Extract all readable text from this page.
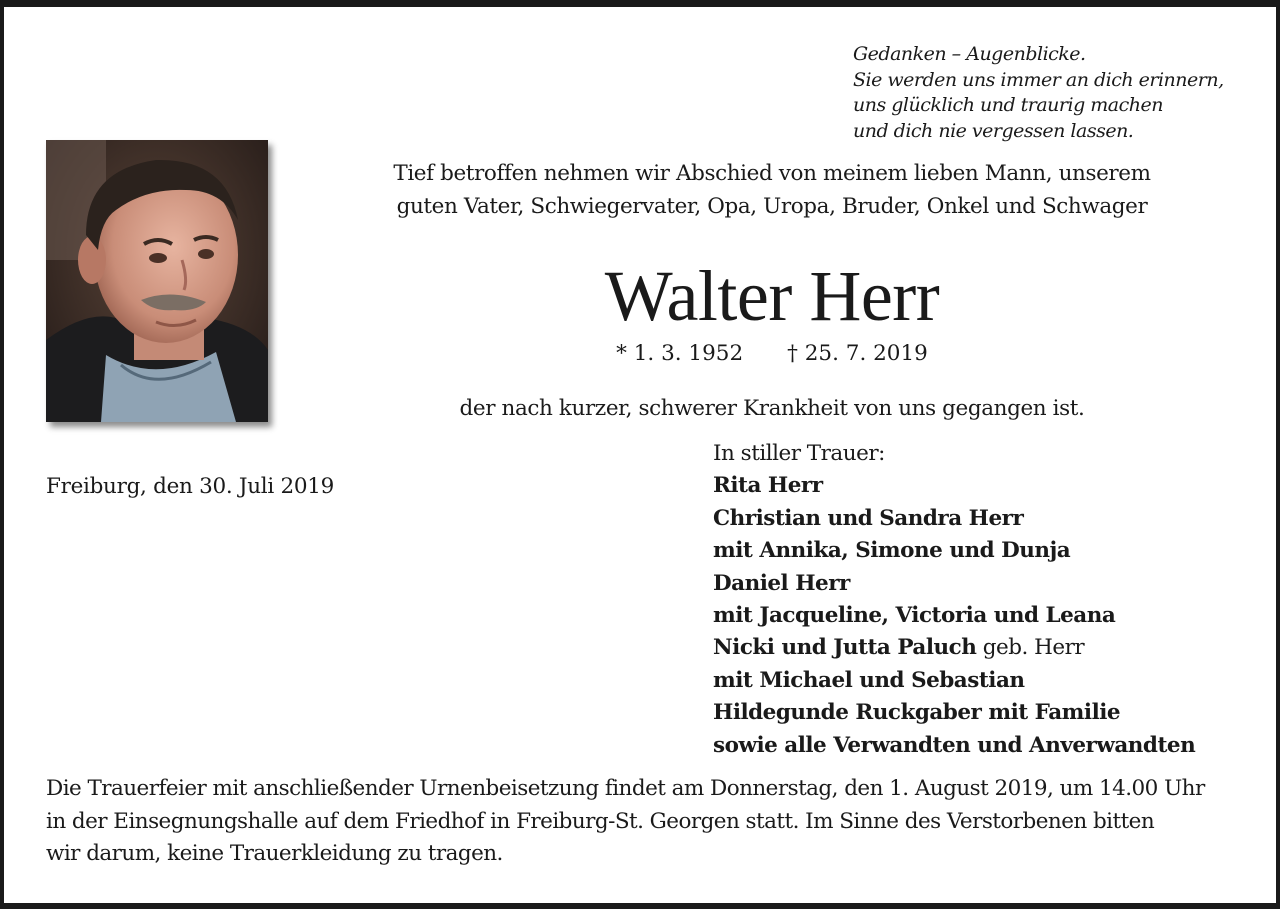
Gedanken – Augenblicke.
Sie werden uns immer an dich erinnern,
uns glücklich und traurig machen
und dich nie vergessen lassen.
Tief betroffen nehmen wir Abschied von meinem lieben Mann, unserem
guten Vater, Schwiegervater, Opa, Uropa, Bruder, Onkel und Schwager
Walter Herr
* 1. 3. 1952 † 25. 7. 2019
der nach kurzer, schwerer Krankheit von uns gegangen ist.
Freiburg, den 30. Juli 2019
In stiller Trauer:
Rita Herr
Christian und Sandra Herr
mit Annika, Simone und Dunja
Daniel Herr
mit Jacqueline, Victoria und Leana
Nicki und Jutta Paluch geb. Herr
mit Michael und Sebastian
Hildegunde Ruckgaber mit Familie
sowie alle Verwandten und Anverwandten
Die Trauerfeier mit anschließender Urnenbeisetzung findet am Donnerstag, den 1. August 2019, um 14.00 Uhr
in der Einsegnungshalle auf dem Friedhof in Freiburg-St. Georgen statt. Im Sinne des Verstorbenen bitten
wir darum, keine Trauerkleidung zu tragen.
